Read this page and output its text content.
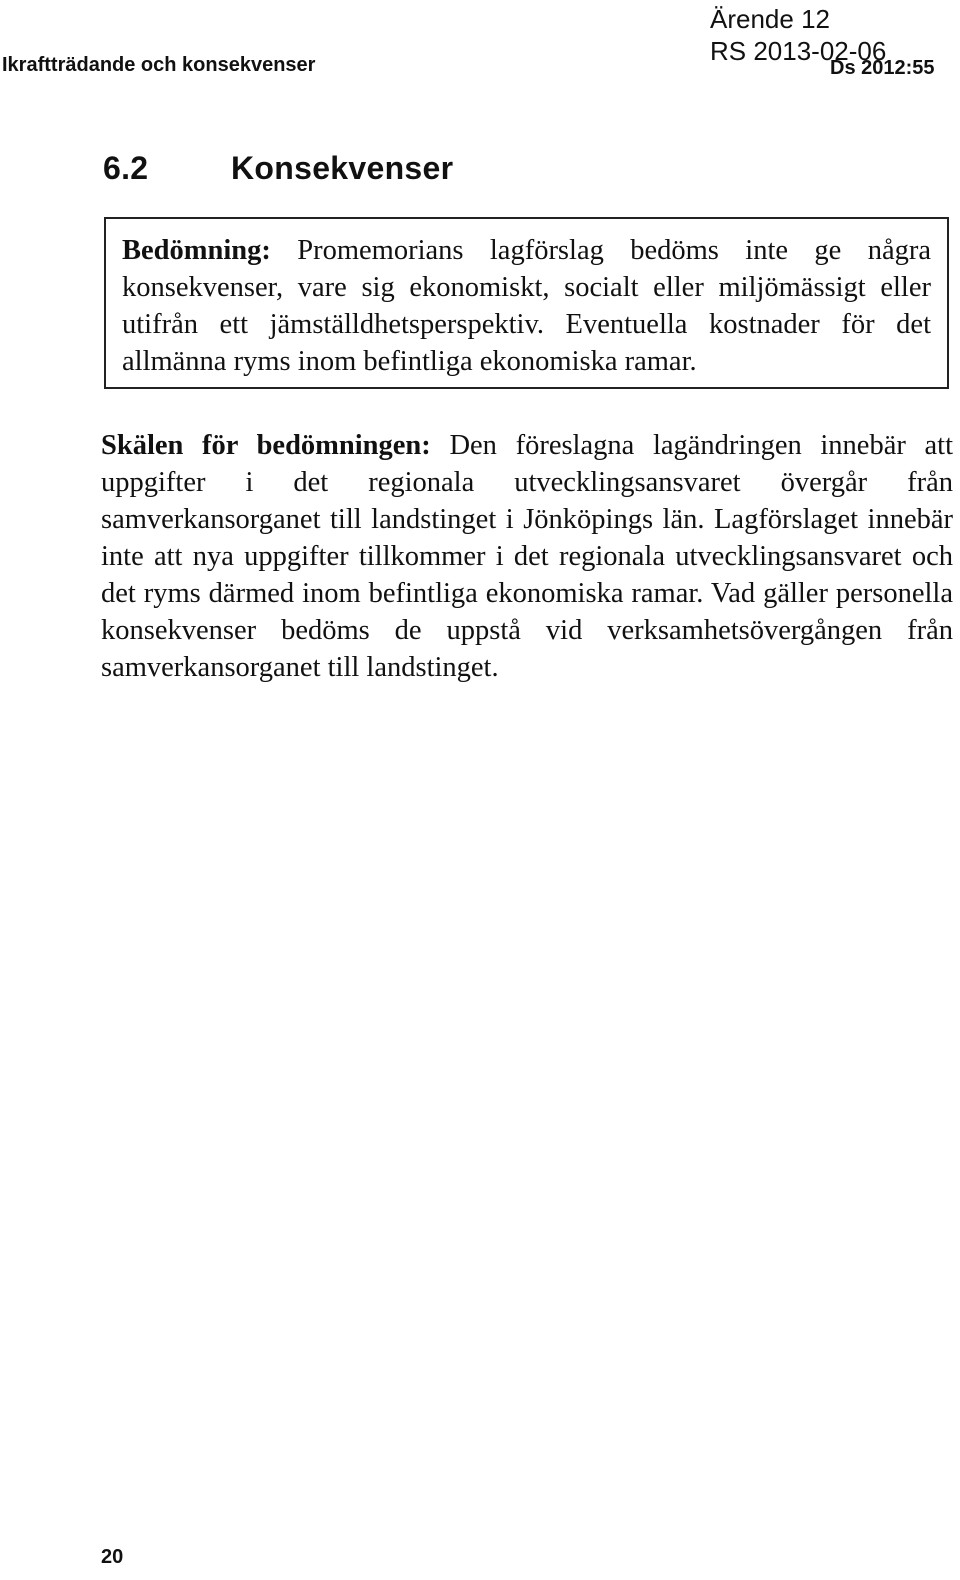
Ikraftträdande och konsekvenser
Ärende 12
RS 2013-02-06
Ds 2012:55
6.2	Konsekvenser

Bedömning: Promemorians lagförslag bedöms inte ge några konsekvenser, vare sig ekonomiskt, socialt eller miljömässigt eller utifrån ett jämställdhetsperspektiv. Eventuella kostnader för det allmänna ryms inom befintliga ekonomiska ramar.

Skälen för bedömningen: Den föreslagna lagändringen innebär att uppgifter i det regionala utvecklingsansvaret övergår från samverkansorganet till landstinget i Jönköpings län. Lagförslaget innebär inte att nya uppgifter tillkommer i det regionala utvecklingsansvaret och det ryms därmed inom befintliga ekonomiska ramar. Vad gäller personella konsekvenser bedöms de uppstå vid verksamhetsövergången från samverkansorganet till landstinget.

20
